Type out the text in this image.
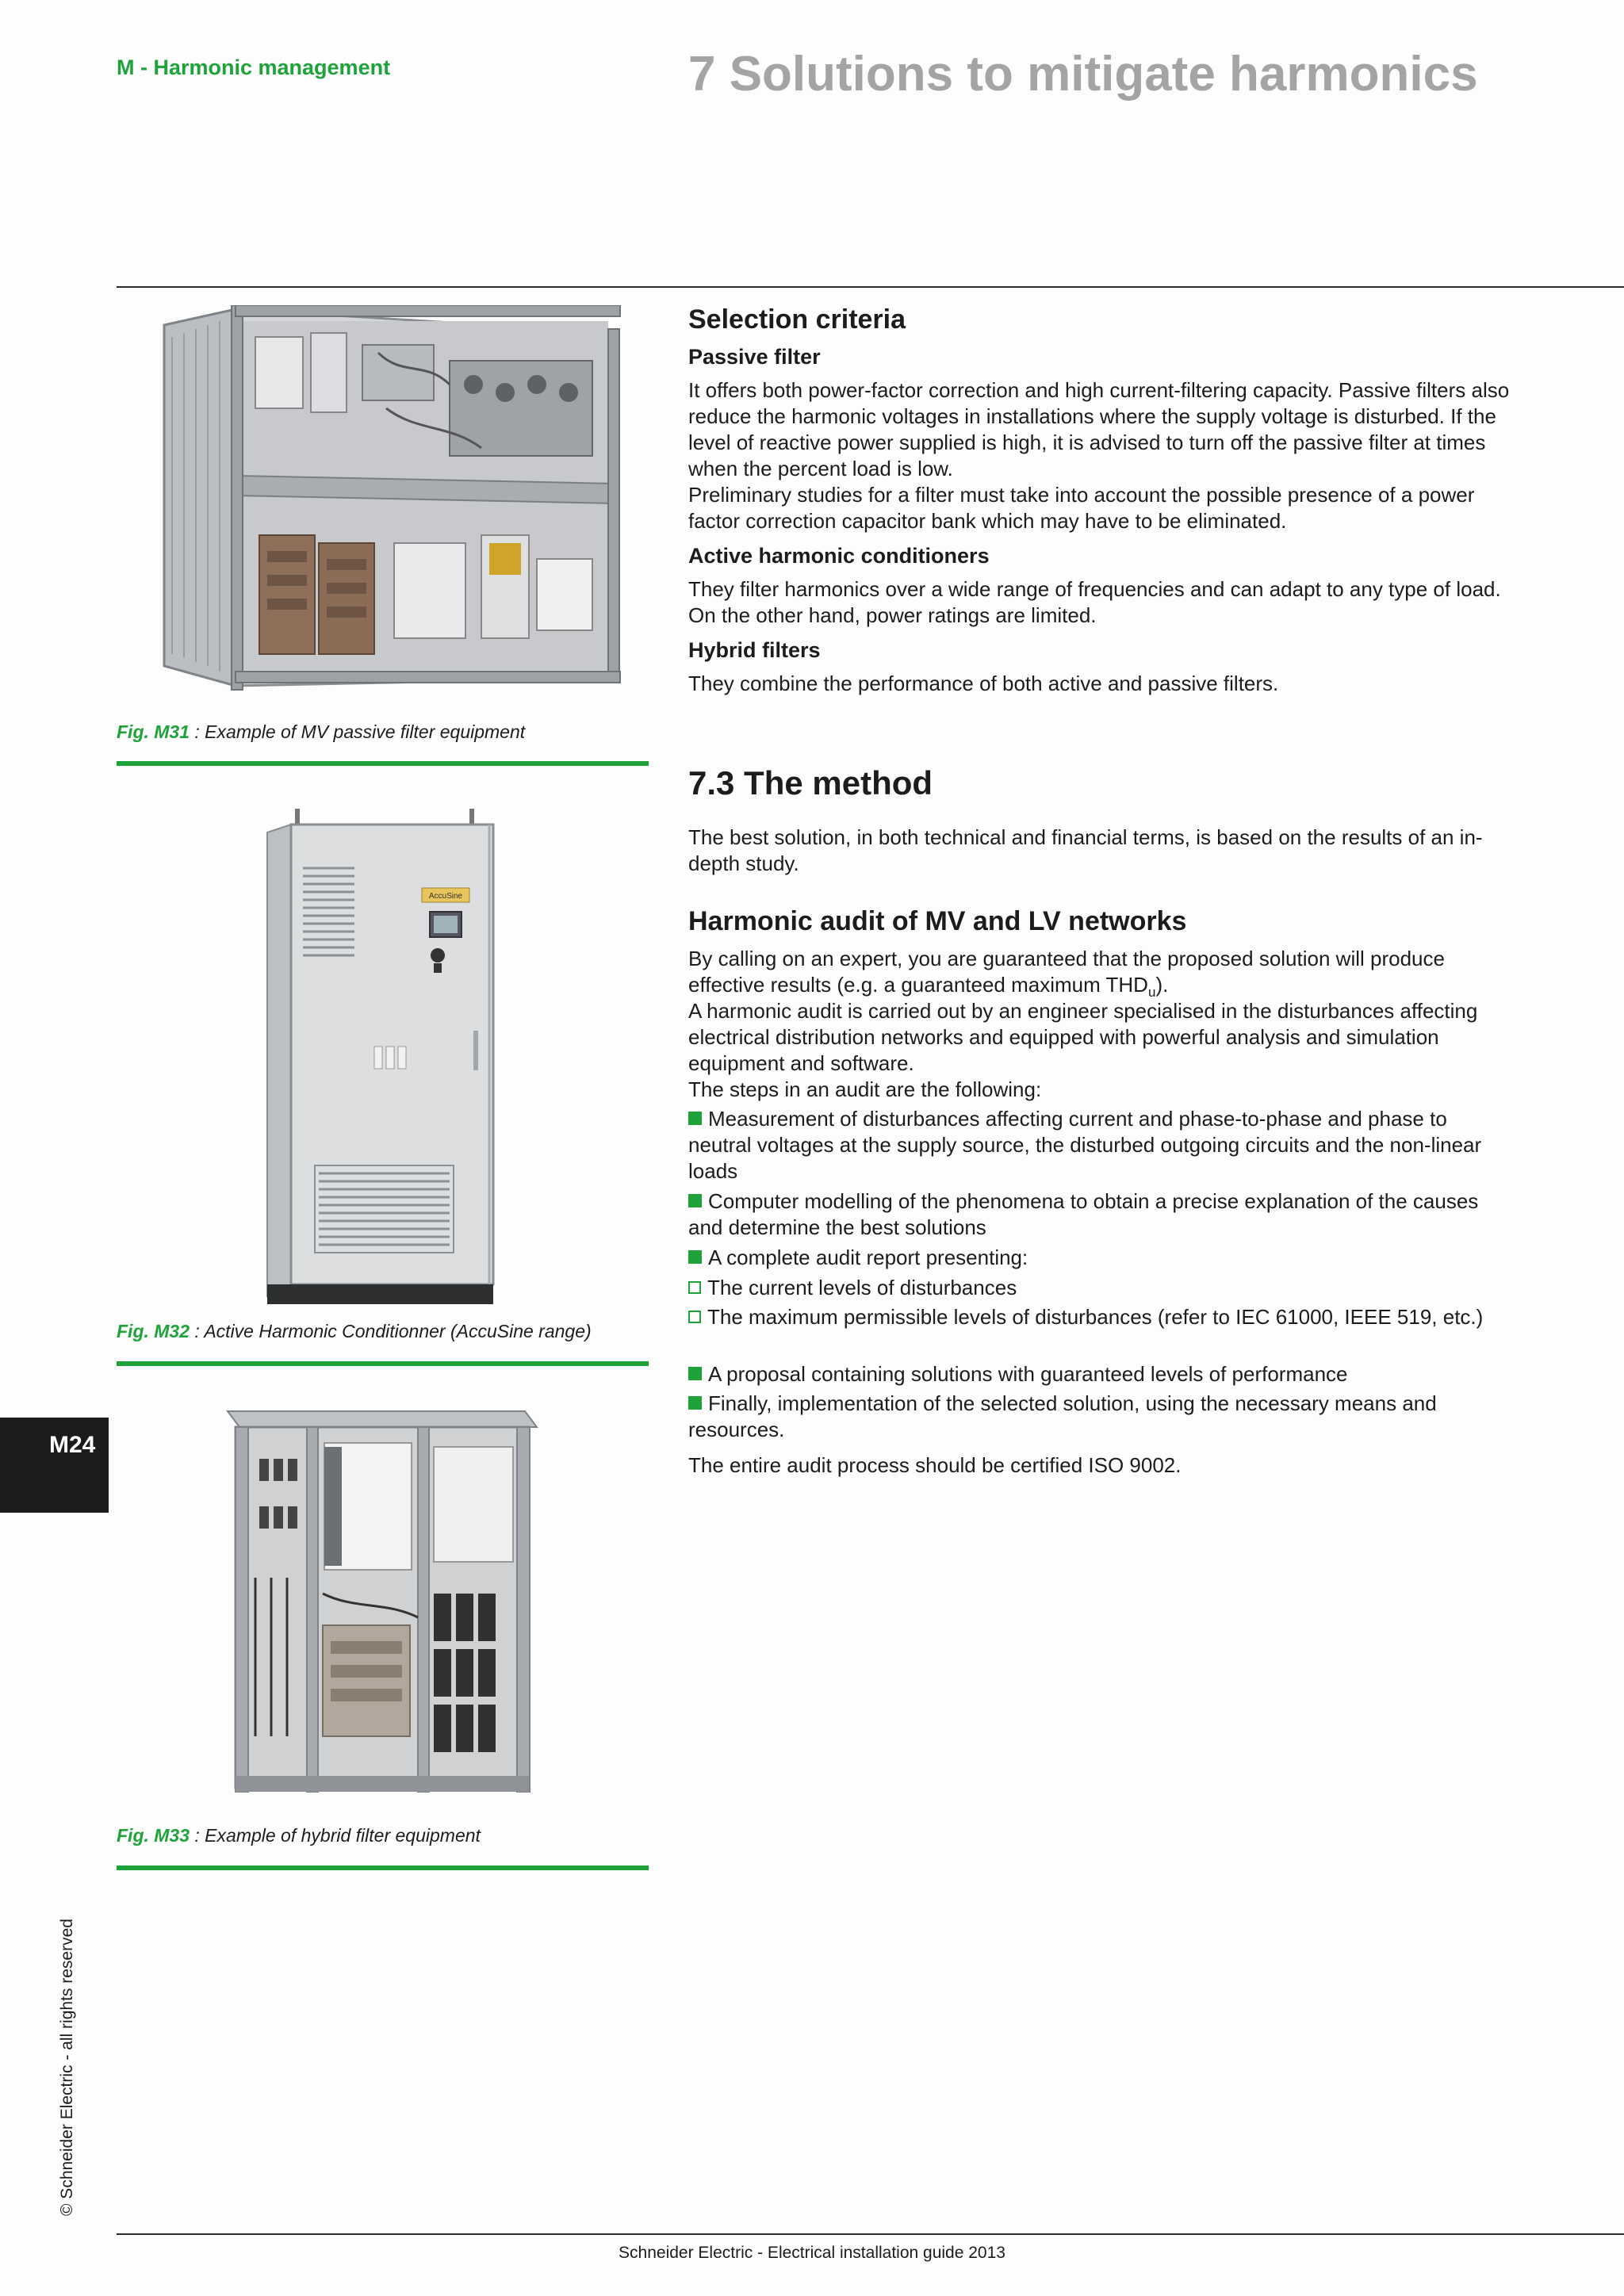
M - Harmonic management	7 Solutions to mitigate harmonics
Fig. M31 : Example of MV passive filter equipment
AccuSine
Fig. M32 : Active Harmonic Conditionner (AccuSine range)
Fig. M33 : Example of hybrid filter equipment
Selection criteria
Passive filter
It offers both power-factor correction and high current-filtering capacity. Passive filters also reduce the harmonic voltages in installations where the supply voltage is disturbed. If the level of reactive power supplied is high, it is advised to turn off the passive filter at times when the percent load is low.
Preliminary studies for a filter must take into account the possible presence of a power factor correction capacitor bank which may have to be eliminated.
Active harmonic conditioners
They filter harmonics over a wide range of frequencies and can adapt to any type of load. On the other hand, power ratings are limited.
Hybrid filters
They combine the performance of both active and passive filters.
7.3 The method
The best solution, in both technical and financial terms, is based on the results of an in-depth study.
Harmonic audit of MV and LV networks
By calling on an expert, you are guaranteed that the proposed solution will produce effective results (e.g. a guaranteed maximum $THD_u$).
A harmonic audit is carried out by an engineer specialised in the disturbances affecting electrical distribution networks and equipped with powerful analysis and simulation equipment and software.
The steps in an audit are the following:
Measurement of disturbances affecting current and phase-to-phase and phase to neutral voltages at the supply source, the disturbed outgoing circuits and the non-linear loads
Computer modelling of the phenomena to obtain a precise explanation of the causes and determine the best solutions
A complete audit report presenting:
The current levels of disturbances
The maximum permissible levels of disturbances (refer to IEC 61000, IEEE 519, etc.)
A proposal containing solutions with guaranteed levels of performance
Finally, implementation of the selected solution, using the necessary means and resources.
The entire audit process should be certified ISO 9002.
M24
© Schneider Electric - all rights reserved
Schneider Electric - Electrical installation guide 2013
